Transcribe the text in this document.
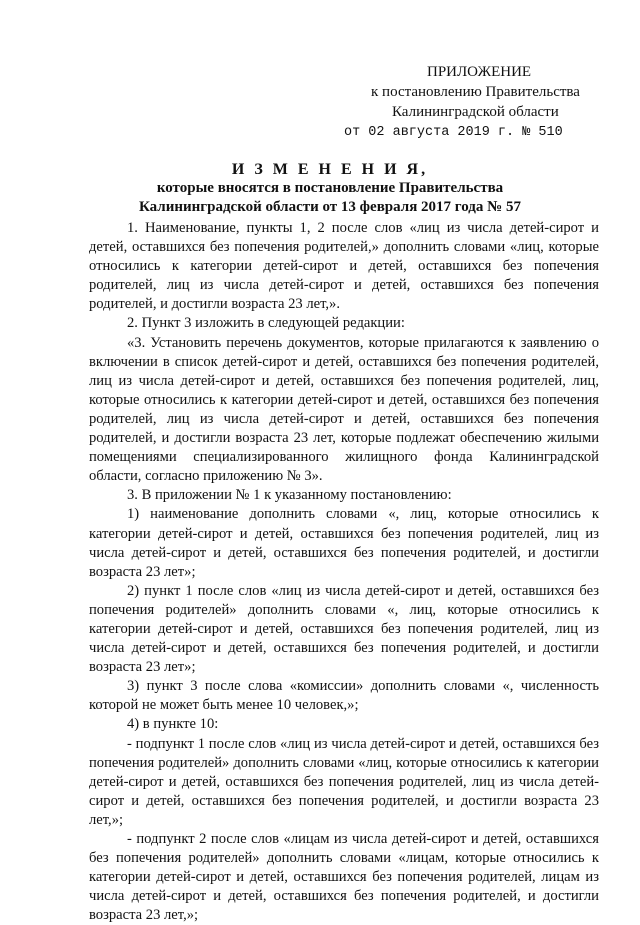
ПРИЛОЖЕНИЕ
к постановлению Правительства
Калининградской области
от 02 августа 2019 г. № 510
И З М Е Н Е Н И Я,
которые вносятся в постановление Правительства
Калининградской области от 13 февраля 2017 года № 57

1. Наименование, пункты 1, 2 после слов «лиц из числа детей-сирот и детей, оставшихся без попечения родителей,» дополнить словами «лиц, которые относились к категории детей-сирот и детей, оставшихся без попечения родителей, лиц из числа детей-сирот и детей, оставшихся без попечения родителей, и достигли возраста 23 лет,».

2. Пункт 3 изложить в следующей редакции:

«3. Установить перечень документов, которые прилагаются к заявлению о включении в список детей-сирот и детей, оставшихся без попечения родителей, лиц из числа детей-сирот и детей, оставшихся без попечения родителей, лиц, которые относились к категории детей-сирот и детей, оставшихся без попечения родителей, лиц из числа детей-сирот и детей, оставшихся без попечения родителей, и достигли возраста 23 лет, которые подлежат обеспечению жилыми помещениями специализированного жилищного фонда Калининградской области, согласно приложению № 3».

3. В приложении № 1 к указанному постановлению:

1) наименование дополнить словами «, лиц, которые относились к категории детей-сирот и детей, оставшихся без попечения родителей, лиц из числа детей-сирот и детей, оставшихся без попечения родителей, и достигли возраста 23 лет»;

2) пункт 1 после слов «лиц из числа детей-сирот и детей, оставшихся без попечения родителей» дополнить словами «, лиц, которые относились к категории детей-сирот и детей, оставшихся без попечения родителей, лиц из числа детей-сирот и детей, оставшихся без попечения родителей, и достигли возраста 23 лет»;

3) пункт 3 после слова «комиссии» дополнить словами «, численность которой не может быть менее 10 человек,»;

4) в пункте 10:

- подпункт 1 после слов «лиц из числа детей-сирот и детей, оставшихся без попечения родителей» дополнить словами «лиц, которые относились к категории детей-сирот и детей, оставшихся без попечения родителей, лиц из числа детей-сирот и детей, оставшихся без попечения родителей, и достигли возраста 23 лет,»;

- подпункт 2 после слов «лицам из числа детей-сирот и детей, оставшихся без попечения родителей» дополнить словами «лицам, которые относились к категории детей-сирот и детей, оставшихся без попечения родителей, лицам из числа детей-сирот и детей, оставшихся без попечения родителей, и достигли возраста 23 лет,»;
